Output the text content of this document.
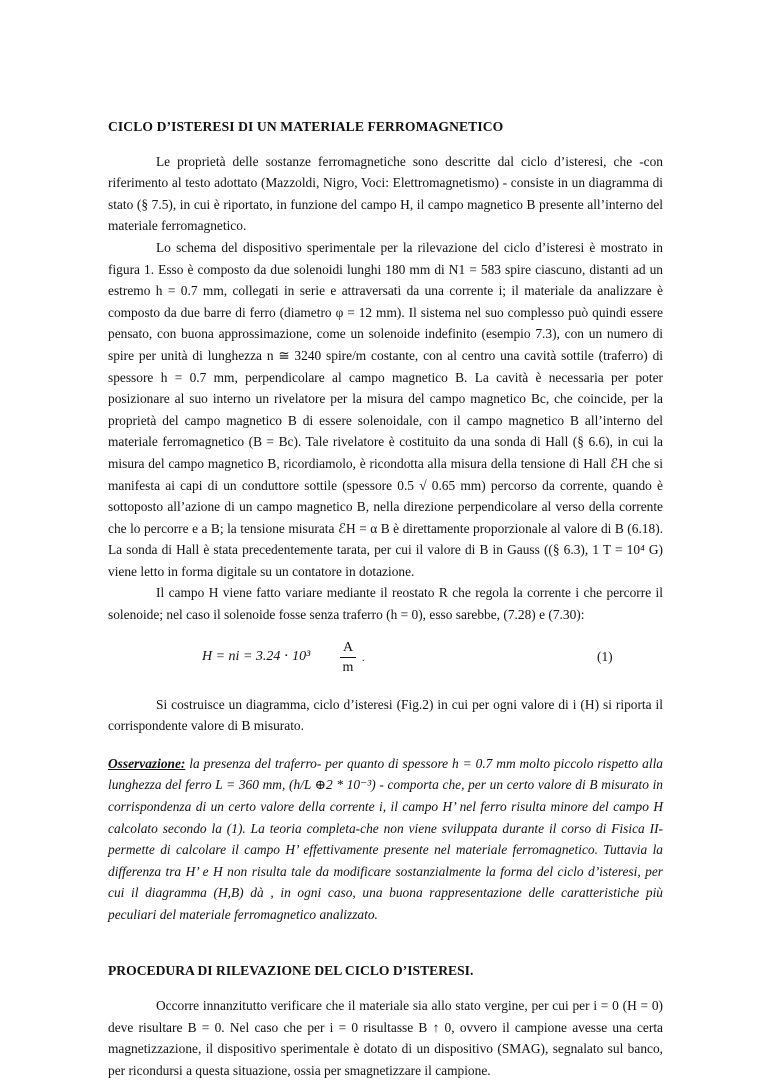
CICLO D’ISTERESI DI UN MATERIALE FERROMAGNETICO

Le proprietà delle sostanze ferromagnetiche sono descritte dal ciclo d’isteresi, che -con riferimento al testo adottato (Mazzoldi, Nigro, Voci: Elettromagnetismo) - consiste in un diagramma di stato (§ 7.5), in cui è riportato, in funzione del campo H, il campo magnetico B presente all’interno del materiale ferromagnetico.

Lo schema del dispositivo sperimentale per la rilevazione del ciclo d’isteresi è mostrato in figura 1. Esso è composto da due solenoidi lunghi 180 mm di N1 = 583 spire ciascuno, distanti ad un estremo h = 0.7 mm, collegati in serie e attraversati da una corrente i; il materiale da analizzare è composto da due barre di ferro (diametro φ = 12 mm). Il sistema nel suo complesso può quindi essere pensato, con buona approssimazione, come un solenoide indefinito (esempio 7.3), con un numero di spire per unità di lunghezza n ≅ 3240 spire/m costante, con al centro una cavità sottile (traferro) di spessore h = 0.7 mm, perpendicolare al campo magnetico B. La cavità è necessaria per poter posizionare al suo interno un rivelatore per la misura del campo magnetico Bc, che coincide, per la proprietà del campo magnetico B di essere solenoidale, con il campo magnetico B all’interno del materiale ferromagnetico (B = Bc). Tale rivelatore è costituito da una sonda di Hall (§ 6.6), in cui la misura del campo magnetico B, ricordiamolo, è ricondotta alla misura della tensione di Hall ℰH che si manifesta ai capi di un conduttore sottile (spessore 0.5 √ 0.65 mm) percorso da corrente, quando è sottoposto all’azione di un campo magnetico B, nella direzione perpendicolare al verso della corrente che lo percorre e a B; la tensione misurata ℰH = α B è direttamente proporzionale al valore di B (6.18). La sonda di Hall è stata precedentemente tarata, per cui il valore di B in Gauss ((§ 6.3), 1 T = 10⁴ G) viene letto in forma digitale su un contatore in dotazione.

Il campo H viene fatto variare mediante il reostato R che regola la corrente i che percorre il solenoide; nel caso il solenoide fosse senza traferro (h = 0), esso sarebbe, (7.28) e (7.30):

H = ni = $3.24 \cdot 10^3 \frac{A}{m}$ .	(1)

Si costruisce un diagramma, ciclo d’isteresi (Fig.2) in cui per ogni valore di i (H) si riporta il corrispondente valore di B misurato.

Osservazione: la presenza del traferro- per quanto di spessore h = 0.7 mm molto piccolo rispetto alla lunghezza del ferro L = 360 mm, (h/L ⊕2 * 10⁻³) - comporta che, per un certo valore di B misurato in corrispondenza di un certo valore della corrente i, il campo H’ nel ferro risulta minore del campo H calcolato secondo la (1). La teoria completa-che non viene sviluppata durante il corso di Fisica II- permette di calcolare il campo H’ effettivamente presente nel materiale ferromagnetico. Tuttavia la differenza tra H’ e H non risulta tale da modificare sostanzialmente la forma del ciclo d’isteresi, per cui il diagramma (H,B) dà , in ogni caso, una buona rappresentazione delle caratteristiche più peculiari del materiale ferromagnetico analizzato.

PROCEDURA DI RILEVAZIONE DEL CICLO D’ISTERESI.

Occorre innanzitutto verificare che il materiale sia allo stato vergine, per cui per i = 0 (H = 0) deve risultare B = 0. Nel caso che per i = 0 risultasse B ↑ 0, ovvero il campione avesse una certa magnetizzazione, il dispositivo sperimentale è dotato di un dispositivo (SMAG), segnalato sul banco, per ricondursi a questa situazione, ossia per smagnetizzare il campione.
